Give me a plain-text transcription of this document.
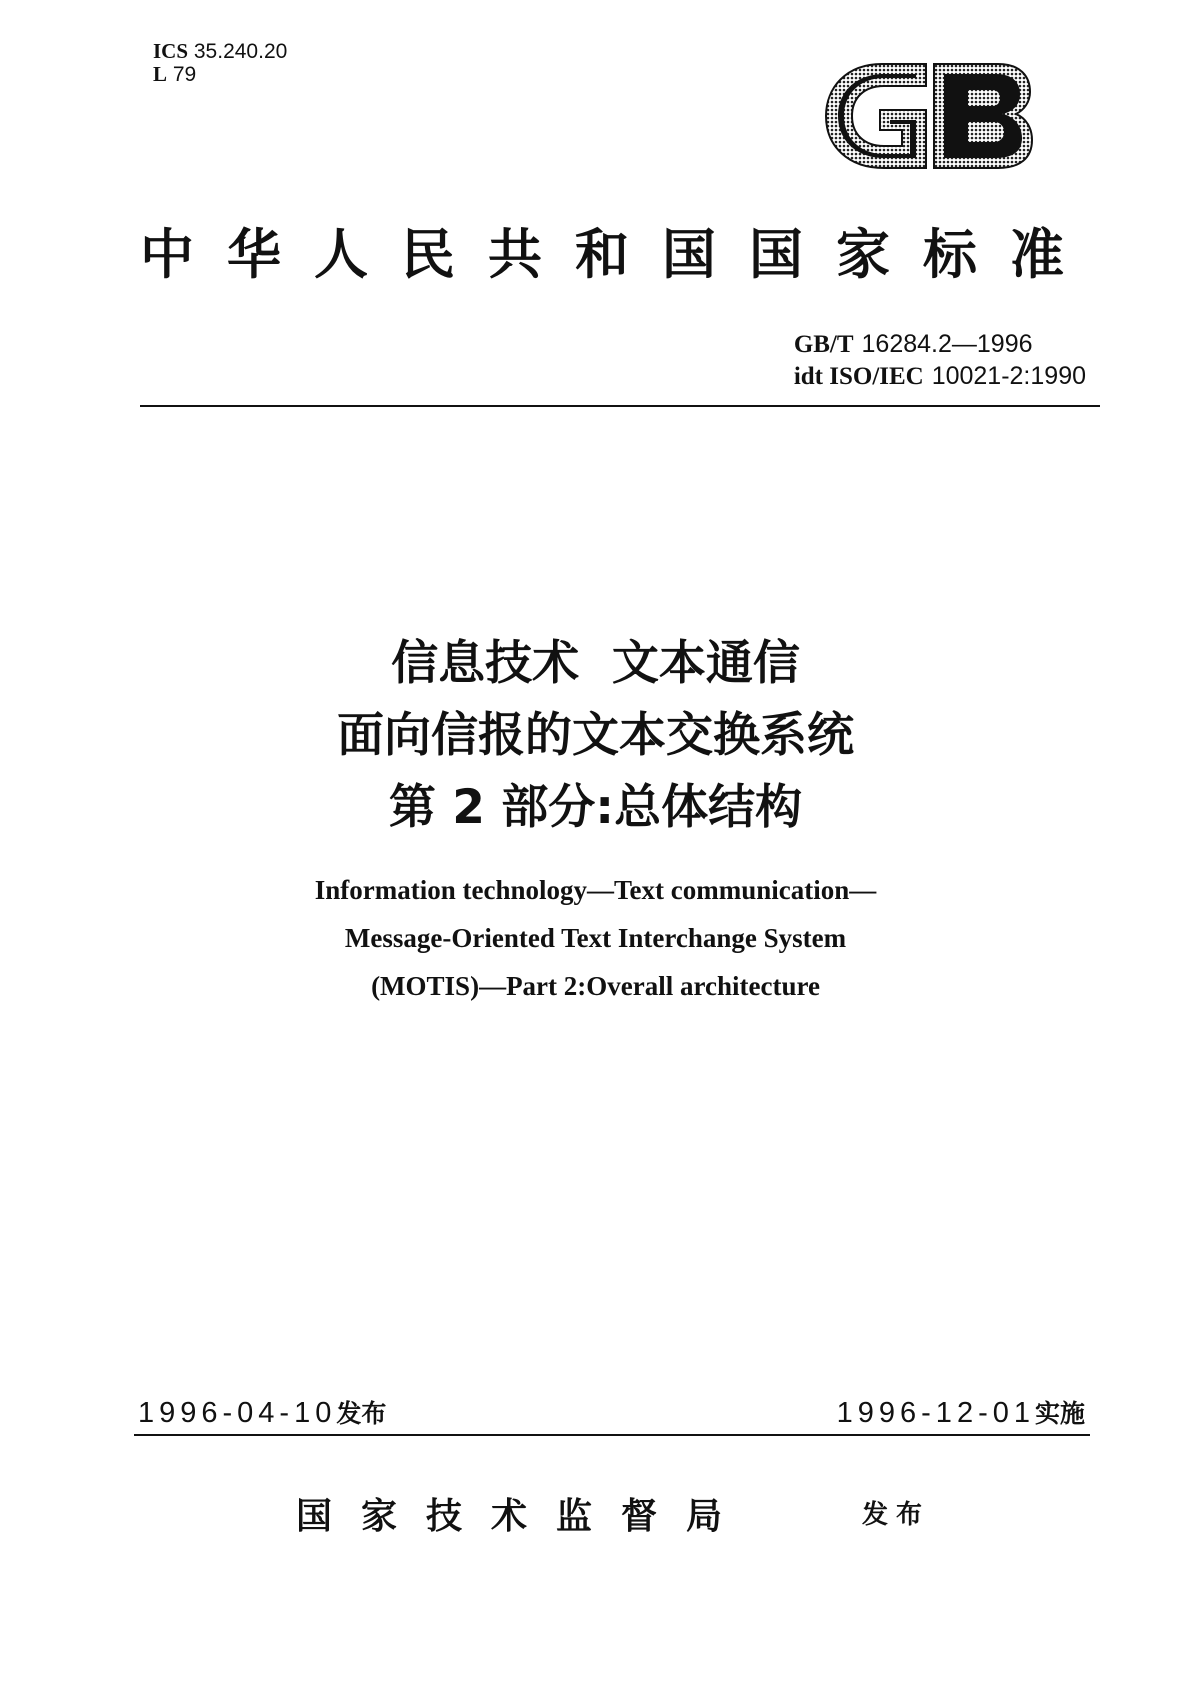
ICS 35.240.20
L 79
中华人民共和国国家标准
GB/T 16284.2—1996
idt ISO/IEC 10021-2:1990
信息技术  文本通信
面向信报的文本交换系统
第 2 部分:总体结构
Information technology—Text communication—
Message-Oriented Text Interchange System
(MOTIS)—Part 2:Overall architecture
1996-04-10发布	1996-12-01实施
国家技术监督局	发布
